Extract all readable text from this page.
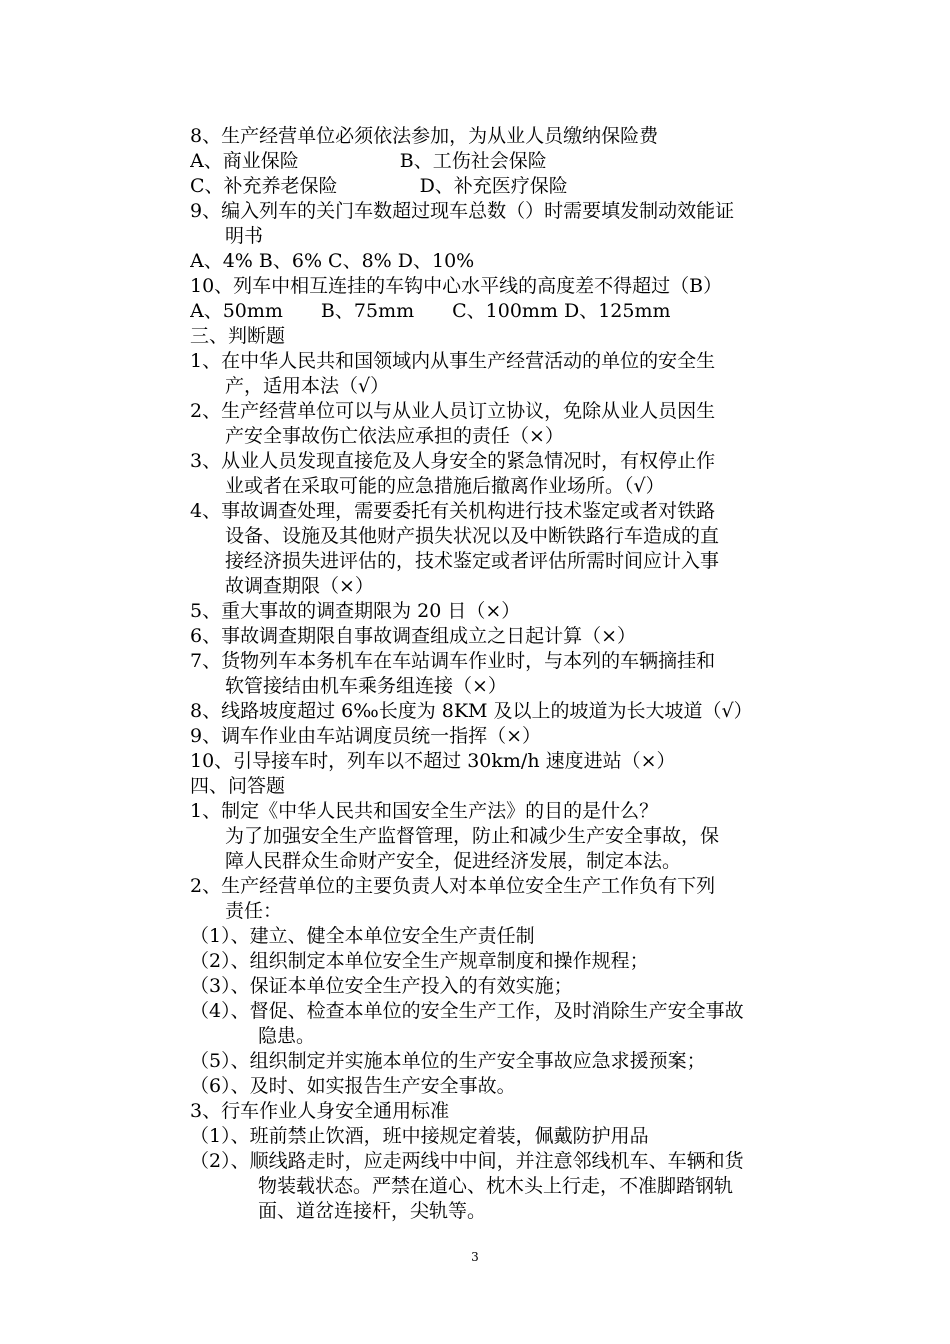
8、生产经营单位必须依法参加，为从业人员缴纳保险费
A、商业保险　　　　　 B、工伤社会保险
C、补充养老保险　　　　 D、补充医疗保险
9、编入列车的关门车数超过现车总数（）时需要填发制动效能证
明书
A、4% B、6% C、8% D、10%
10、列车中相互连挂的车钩中心水平线的高度差不得超过（B）
A、50mm　　B、75mm　　C、100mm D、125mm
三、判断题
1、在中华人民共和国领域内从事生产经营活动的单位的安全生
产，适用本法（√）
2、生产经营单位可以与从业人员订立协议，免除从业人员因生
产安全事故伤亡依法应承担的责任（×）
3、从业人员发现直接危及人身安全的紧急情况时，有权停止作
业或者在采取可能的应急措施后撤离作业场所。（√）
4、事故调查处理，需要委托有关机构进行技术鉴定或者对铁路
设备、设施及其他财产损失状况以及中断铁路行车造成的直
接经济损失进评估的，技术鉴定或者评估所需时间应计入事
故调查期限（×）
5、重大事故的调查期限为 20 日（×）
6、事故调查期限自事故调查组成立之日起计算（×）
7、货物列车本务机车在车站调车作业时，与本列的车辆摘挂和
软管接结由机车乘务组连接（×）
8、线路坡度超过 6‰长度为 8KM 及以上的坡道为长大坡道（√）
9、调车作业由车站调度员统一指挥（×）
10、引导接车时，列车以不超过 30km/h 速度进站（×）
四、问答题
1、制定《中华人民共和国安全生产法》的目的是什么？
为了加强安全生产监督管理，防止和减少生产安全事故，保
障人民群众生命财产安全，促进经济发展，制定本法。
2、生产经营单位的主要负责人对本单位安全生产工作负有下列
责任：
（1）、建立、健全本单位安全生产责任制
（2）、组织制定本单位安全生产规章制度和操作规程；
（3）、保证本单位安全生产投入的有效实施；
（4）、督促、检查本单位的安全生产工作，及时消除生产安全事故
隐患。
（5）、组织制定并实施本单位的生产安全事故应急求援预案；
（6）、及时、如实报告生产安全事故。
3、行车作业人身安全通用标准
（1）、班前禁止饮酒，班中接规定着装，佩戴防护用品
（2）、顺线路走时，应走两线中中间，并注意邻线机车、车辆和货
物装载状态。严禁在道心、枕木头上行走，不准脚踏钢轨
面、道岔连接杆，尖轨等。
3
